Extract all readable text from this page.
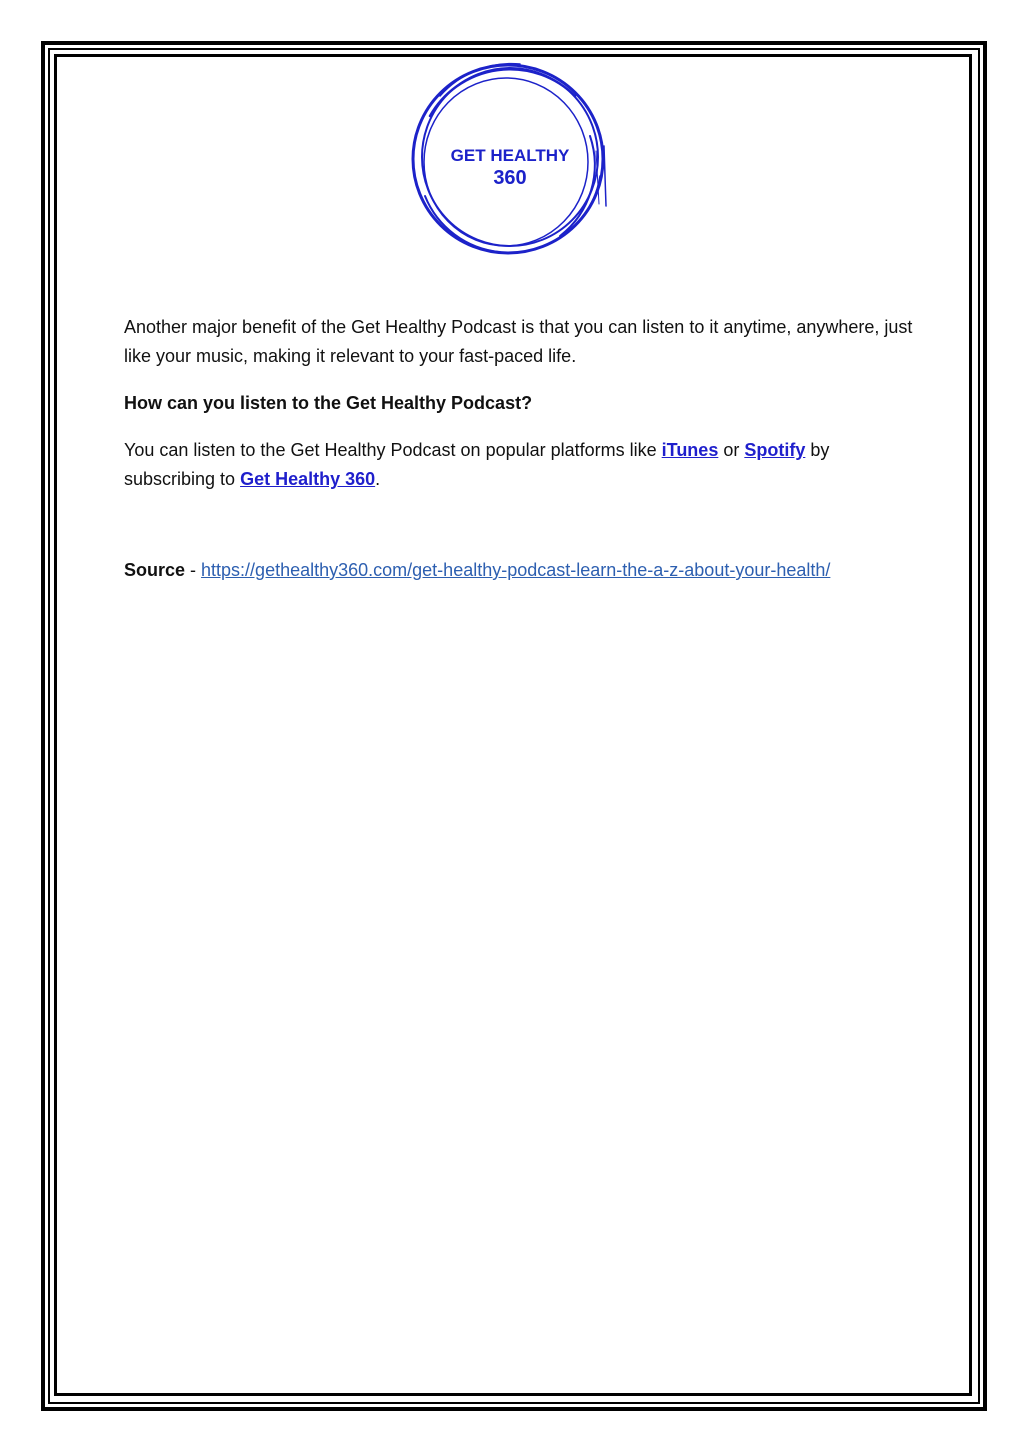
GET HEALTHY
360

Another major benefit of the Get Healthy Podcast is that you can listen to it anytime, anywhere, just like your music, making it relevant to your fast-paced life.

How can you listen to the Get Healthy Podcast?

You can listen to the Get Healthy Podcast on popular platforms like iTunes or Spotify by subscribing to Get Healthy 360.

Source - https://gethealthy360.com/get-healthy-podcast-learn-the-a-z-about-your-health/
